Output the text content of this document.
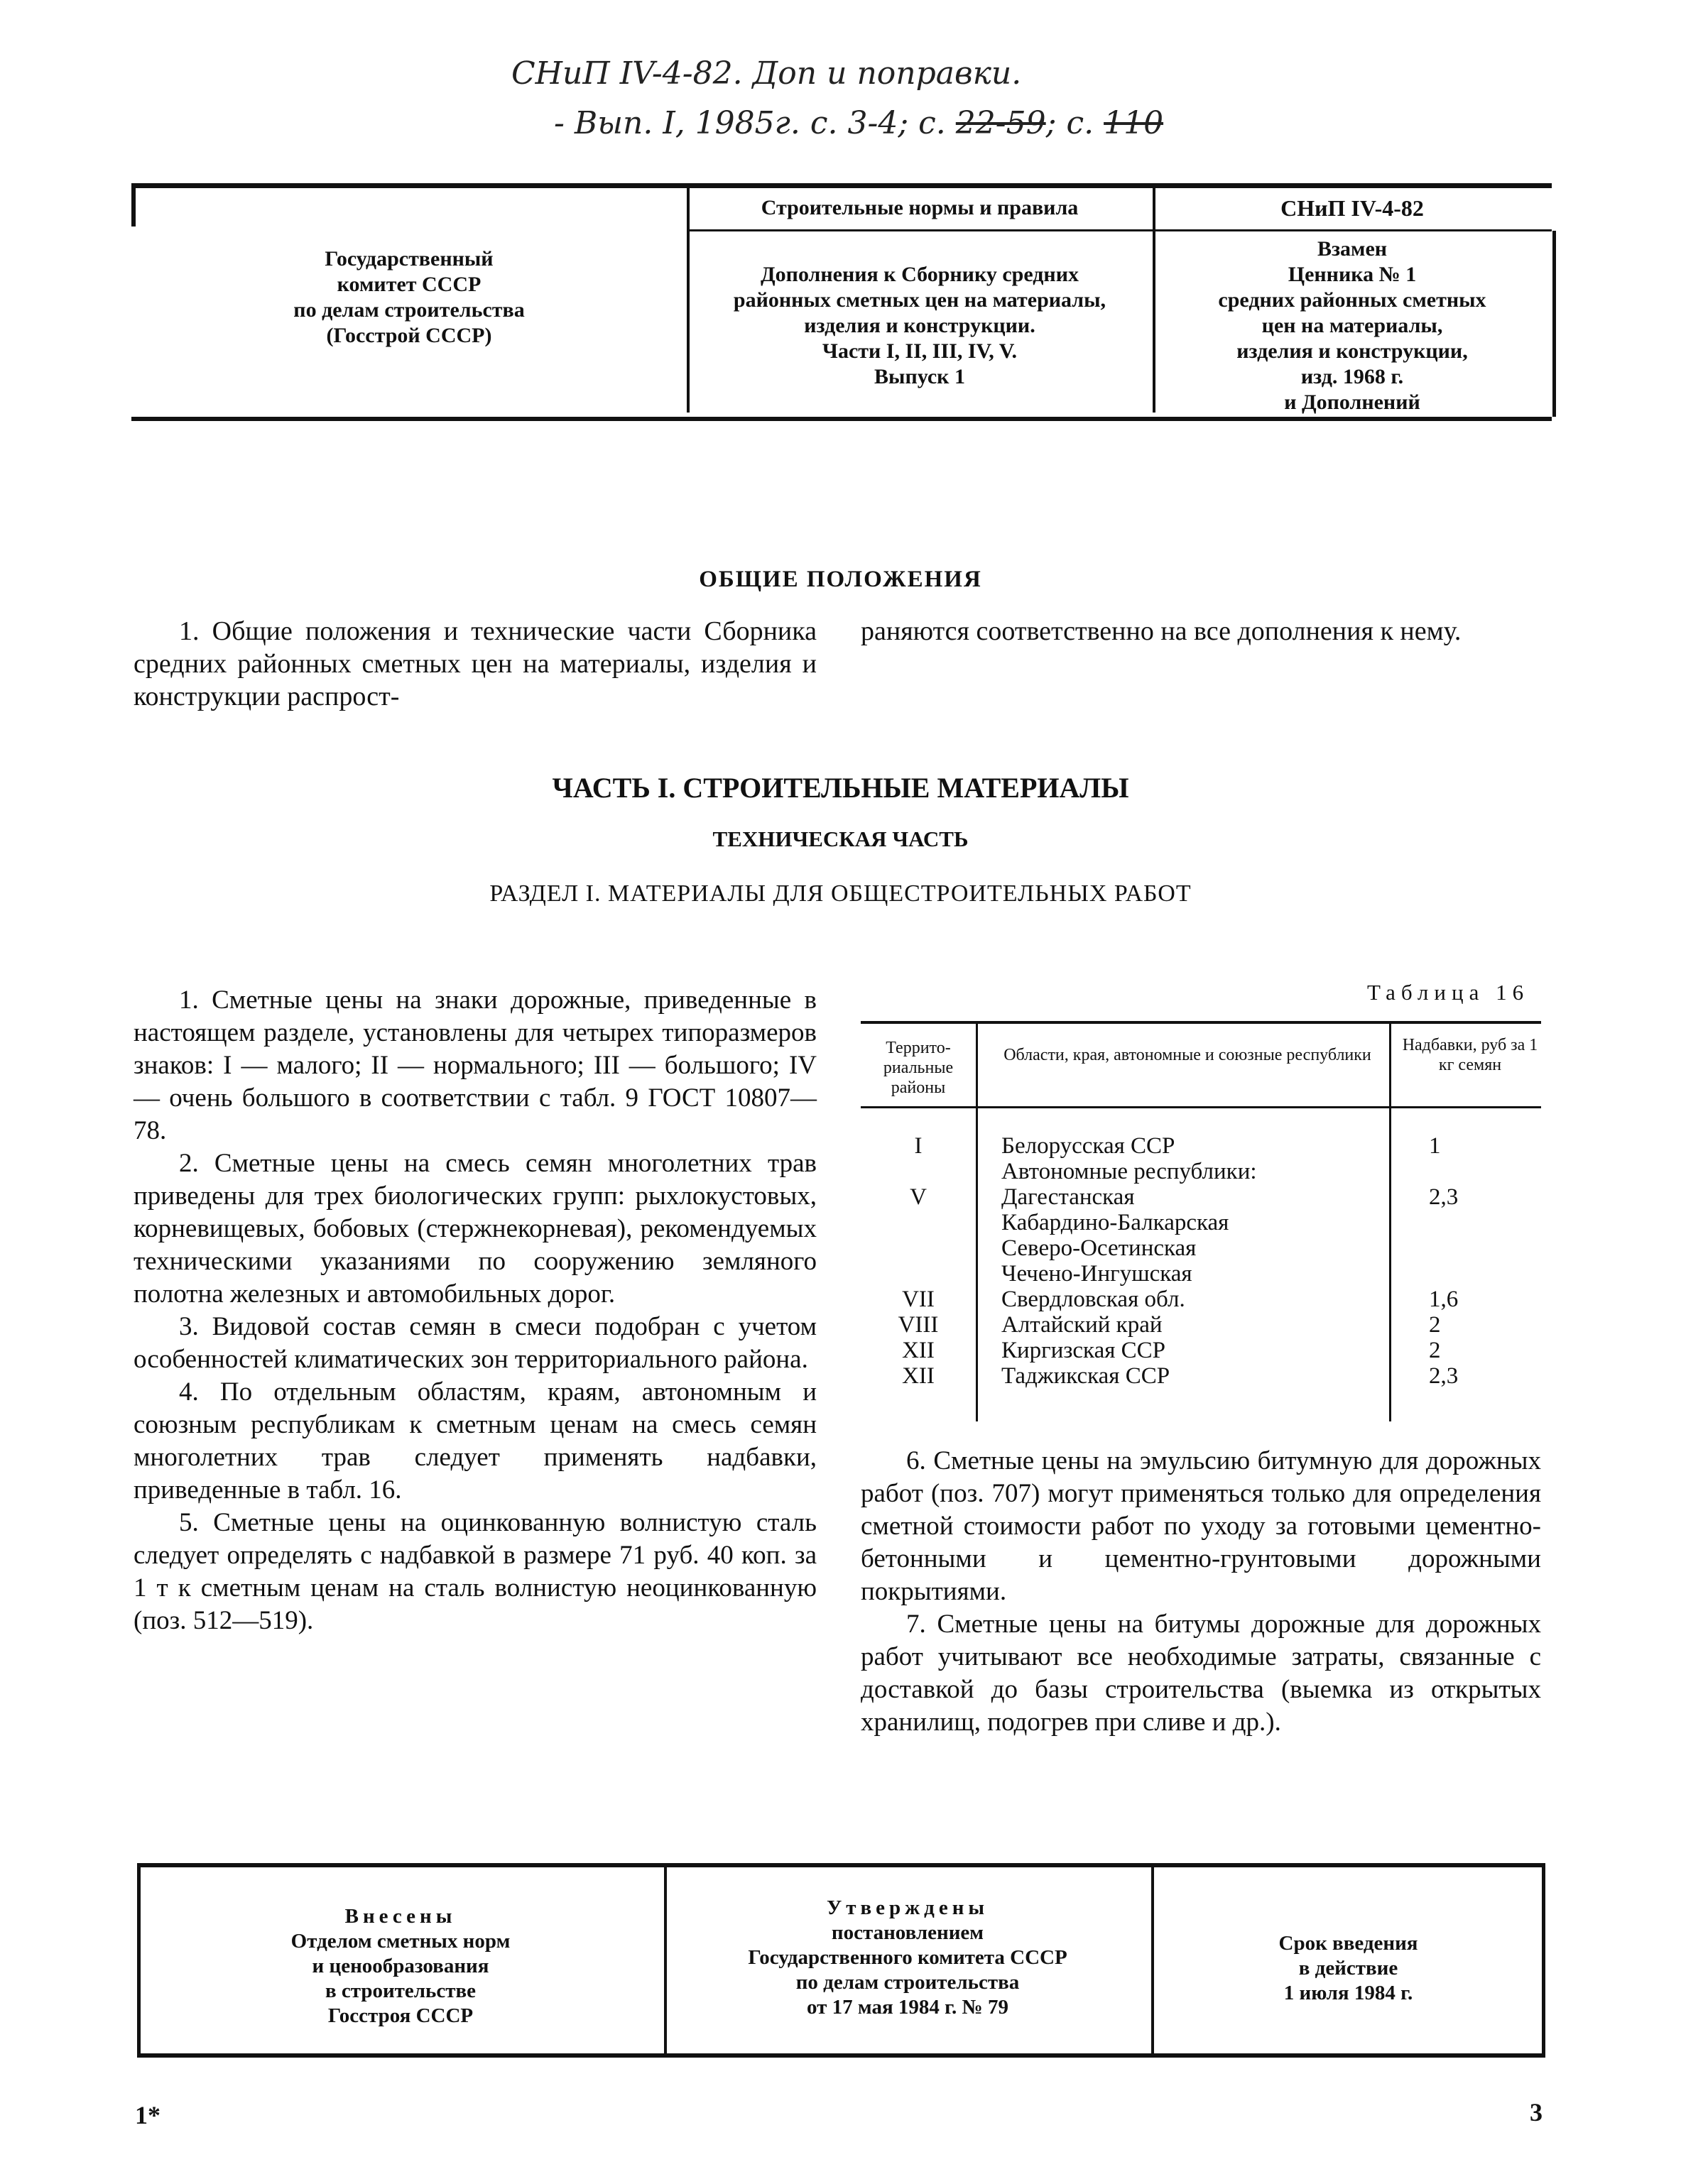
СНиП IV-4-82. Доп и поправки.
- Вып. I, 1985г. с. 3-4; с. 22-59; с. 110
Государственный
комитет СССР
по делам строительства
(Госстрой СССР)
Строительные нормы и правила
Дополнения к Сборнику средних
районных сметных цен на материалы,
изделия и конструкции.
Части I, II, III, IV, V.
Выпуск 1
СНиП IV-4-82
Взамен
Ценника № 1
средних районных сметных
цен на материалы,
изделия и конструкции,
изд. 1968 г.
и Дополнений
ОБЩИЕ ПОЛОЖЕНИЯ

1. Общие положения и технические части Сборника средних районных сметных цен на материалы, изделия и конструкции распрост-

раняются соответственно на все дополнения к нему.

ЧАСТЬ I. СТРОИТЕЛЬНЫЕ МАТЕРИАЛЫ
ТЕХНИЧЕСКАЯ ЧАСТЬ
РАЗДЕЛ I. МАТЕРИАЛЫ ДЛЯ ОБЩЕСТРОИТЕЛЬНЫХ РАБОТ

1. Сметные цены на знаки дорожные, приведенные в настоящем разделе, установлены для четырех типоразмеров знаков: I — малого; II — нормального; III — большого; IV — очень большого в соответствии с табл. 9 ГОСТ 10807—78.

2. Сметные цены на смесь семян многолетних трав приведены для трех биологических групп: рыхлокустовых, корневищевых, бобовых (стержнекорневая), рекомендуемых техническими указаниями по сооружению земляного полотна железных и автомобильных дорог.

3. Видовой состав семян в смеси подобран с учетом особенностей климатических зон территориального района.

4. По отдельным областям, краям, автономным и союзным республикам к сметным ценам на смесь семян многолетних трав следует применять надбавки, приведенные в табл. 16.

5. Сметные цены на оцинкованную волнистую сталь следует определять с надбавкой в размере 71 руб. 40 коп. за 1 т к сметным ценам на сталь волнистую неоцинкованную (поз. 512—519).

Таблица 16
Террито-риальные районы
Области, края, автономные и союзные республики
Надбавки, руб за 1 кг семян
I	Белорусская ССР	1
Автономные республики:
V	Дагестанская	2,3
Кабардино-Балкарская
Северо-Осетинская
Чечено-Ингушская
VII	Свердловская обл.	1,6
VIII	Алтайский край	2
XII	Киргизская ССР	2
XII	Таджикская ССР	2,3

6. Сметные цены на эмульсию битумную для дорожных работ (поз. 707) могут применяться только для определения сметной стоимости работ по уходу за готовыми цементно-бетонными и цементно-грунтовыми дорожными покрытиями.

7. Сметные цены на битумы дорожные для дорожных работ учитывают все необходимые затраты, связанные с доставкой до базы строительства (выемка из открытых хранилищ, подогрев при сливе и др.).

Внесены
Отделом сметных норм
и ценообразования
в строительстве
Госстроя СССР
Утверждены
постановлением
Государственного комитета СССР
по делам строительства
от 17 мая 1984 г. № 79
Срок введения
в действие
1 июля 1984 г.
1*	3
